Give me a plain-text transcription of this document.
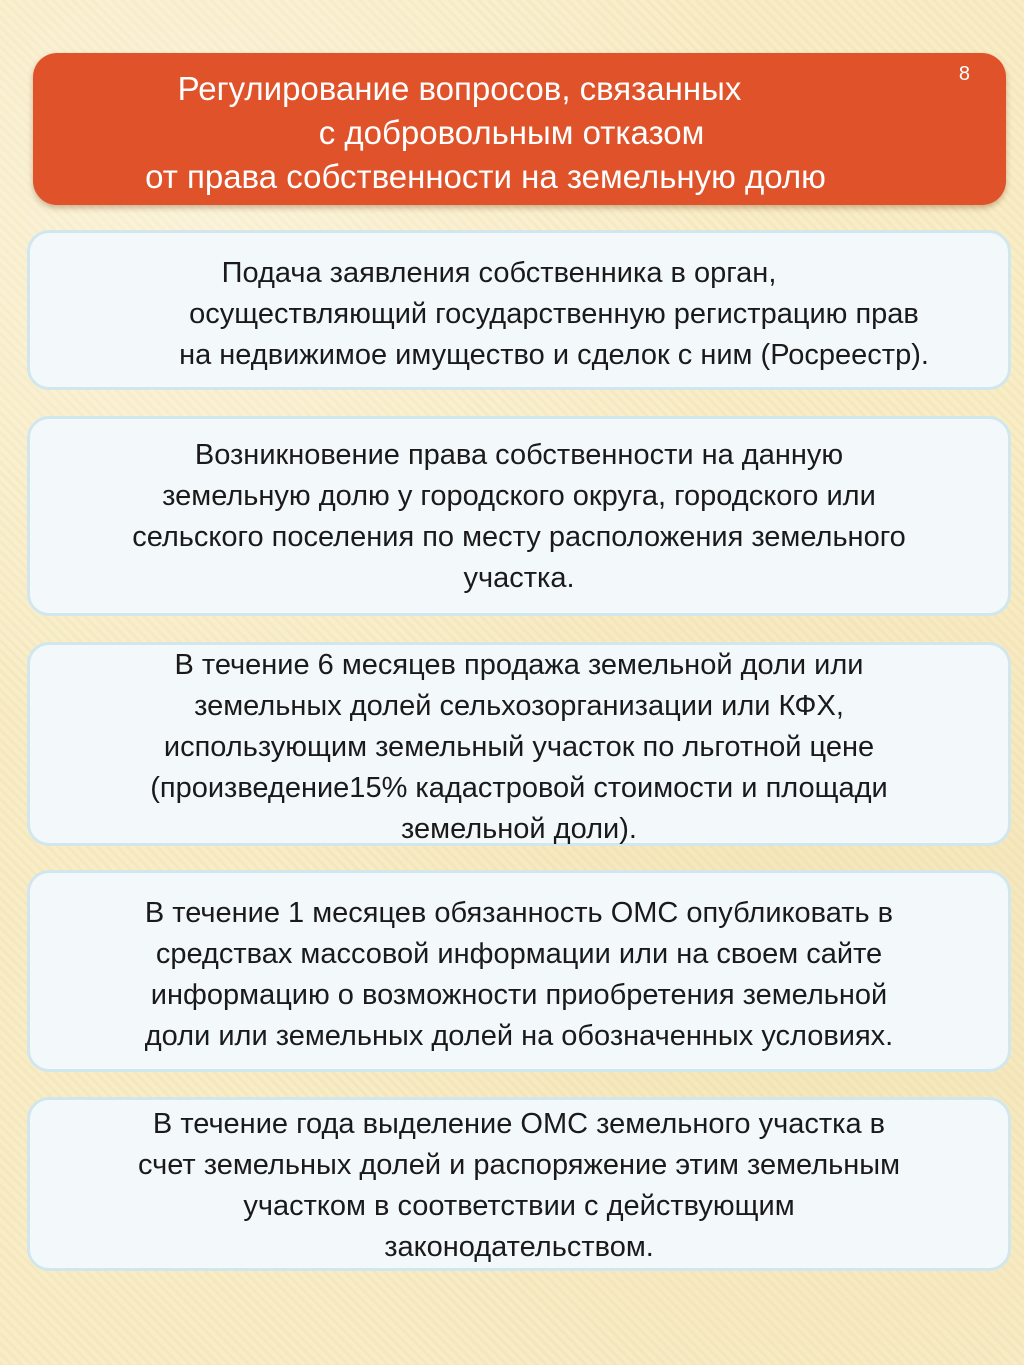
Регулирование вопросов, связанных
с добровольным отказом
от права собственности на земельную долю
8
Подача заявления собственника в орган,
осуществляющий государственную регистрацию прав
на недвижимое имущество и сделок с ним (Росреестр).
Возникновение права собственности на данную
земельную долю у городского округа, городского или
сельского поселения по месту расположения земельного
участка.
В течение 6 месяцев продажа земельной доли или
земельных долей сельхозорганизации или КФХ,
использующим земельный участок по льготной цене
(произведение15% кадастровой стоимости и площади
земельной доли).
В течение 1 месяцев обязанность ОМС опубликовать в
средствах массовой информации или на своем сайте
информацию о возможности приобретения земельной
доли или земельных долей на обозначенных условиях.
В течение года выделение ОМС земельного участка в
счет земельных долей и распоряжение этим земельным
участком в соответствии с действующим
законодательством.
